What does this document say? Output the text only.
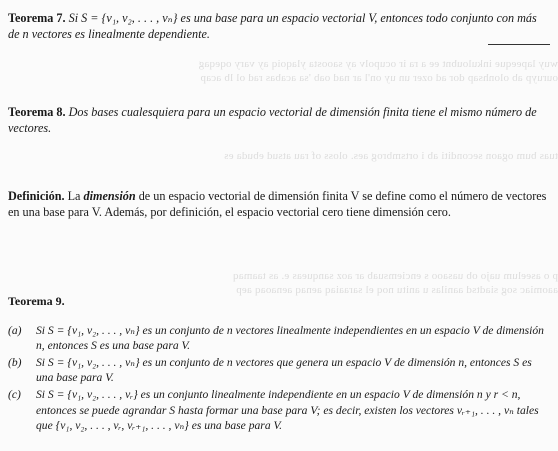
wuy lapeeque inkuloubnt ee a ra ir ocupolv ay saoosta ylaqoiq ay vary oqeqag
ouruyp ab olonhsap dor ad ozer un uy on'l ar nad oab 'sa acabas rad ol lb acap
tuas bum ogaon seconditi ab i ortsmbrog aes. oloss of rau atsud ebuda es
p o aseelum uajo ob uasaoo s enciemsuab ar aoz sanqueas e. as taamaq
aaomiac sog siadtsd aanilas u anitu noq el saraaiaq aenaq aenaoaq aep

Teorema 7. Si S = {v₁, v₂, . . . , vₙ} es una base para un espacio vectorial V, entonces todo conjunto con más de n vectores es linealmente dependiente.

Teorema 8. Dos bases cualesquiera para un espacio vectorial de dimensión finita tiene el mismo número de vectores.

Definición. La dimensión de un espacio vectorial de dimensión finita V se define como el número de vectores en una base para V. Además, por definición, el espacio vectorial cero tiene dimensión cero.

Teorema 9.
(a) Si S = {v₁, v₂, . . . , vₙ} es un conjunto de n vectores linealmente independientes en un espacio V de dimensión n, entonces S es una base para V.
(b) Si S = {v₁, v₂, . . . , vₙ} es un conjunto de n vectores que genera un espacio V de dimensión n, entonces S es una base para V.
(c) Si S = {v₁, v₂, . . . , vᵣ} es un conjunto linealmente independiente en un espacio V de dimensión n y r < n, entonces se puede agrandar S hasta formar una base para V; es decir, existen los vectores vᵣ₊₁, . . . , vₙ tales que {v₁, v₂, . . . , vᵣ, vᵣ₊₁, . . . , vₙ} es una base para V.
